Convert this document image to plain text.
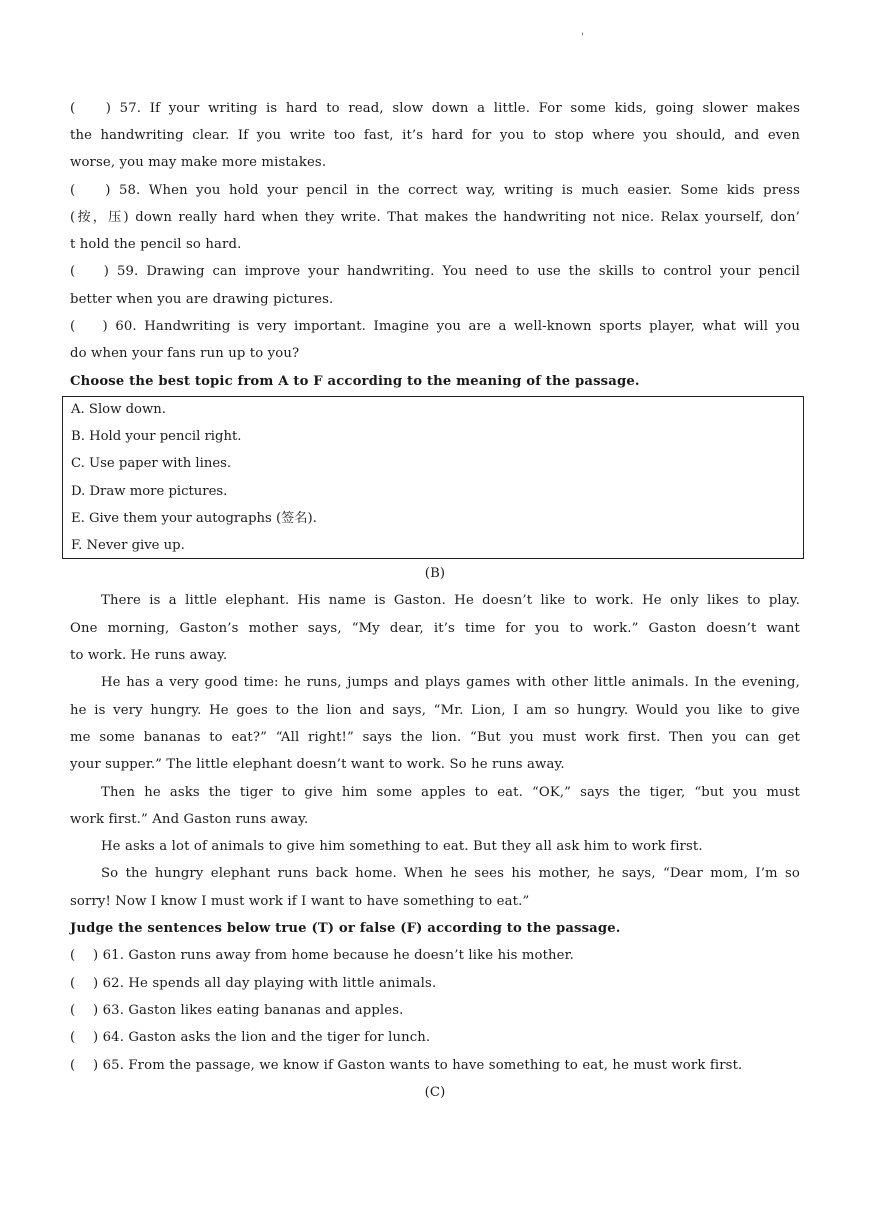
'
(　 ) 57. If your writing is hard to read, slow down a little. For some kids, going slower makes
the handwriting clear. If you write too fast, it’s hard for you to stop where you should, and even
worse, you may make more mistakes.
(　 ) 58. When you hold your pencil in the correct way, writing is much easier. Some kids press
(按，压) down really hard when they write. That makes the handwriting not nice. Relax yourself, don’
t hold the pencil so hard.
(　 ) 59. Drawing can improve your handwriting. You need to use the skills to control your pencil
better when you are drawing pictures.
(　 ) 60. Handwriting is very important. Imagine you are a well-known sports player, what will you
do when your fans run up to you?
Choose the best topic from A to F according to the meaning of the passage.
A. Slow down.
B. Hold your pencil right.
C. Use paper with lines.
D. Draw more pictures.
E. Give them your autographs (签名).
F. Never give up.
(B)
There is a little elephant. His name is Gaston. He doesn’t like to work. He only likes to play.
One morning, Gaston’s mother says, “My dear, it’s time for you to work.” Gaston doesn’t want
to work. He runs away.
He has a very good time: he runs, jumps and plays games with other little animals. In the evening,
he is very hungry. He goes to the lion and says, “Mr. Lion, I am so hungry. Would you like to give
me some bananas to eat?” “All right!” says the lion. “But you must work first. Then you can get
your supper.” The little elephant doesn’t want to work. So he runs away.
Then he asks the tiger to give him some apples to eat. “OK,” says the tiger, “but you must
work first.” And Gaston runs away.
He asks a lot of animals to give him something to eat. But they all ask him to work first.
So the hungry elephant runs back home. When he sees his mother, he says, “Dear mom, I’m so
sorry! Now I know I must work if I want to have something to eat.”
Judge the sentences below true (T) or false (F) according to the passage.
(　 ) 61. Gaston runs away from home because he doesn’t like his mother.
(　 ) 62. He spends all day playing with little animals.
(　 ) 63. Gaston likes eating bananas and apples.
(　 ) 64. Gaston asks the lion and the tiger for lunch.
(　 ) 65. From the passage, we know if Gaston wants to have something to eat, he must work first.
(C)
